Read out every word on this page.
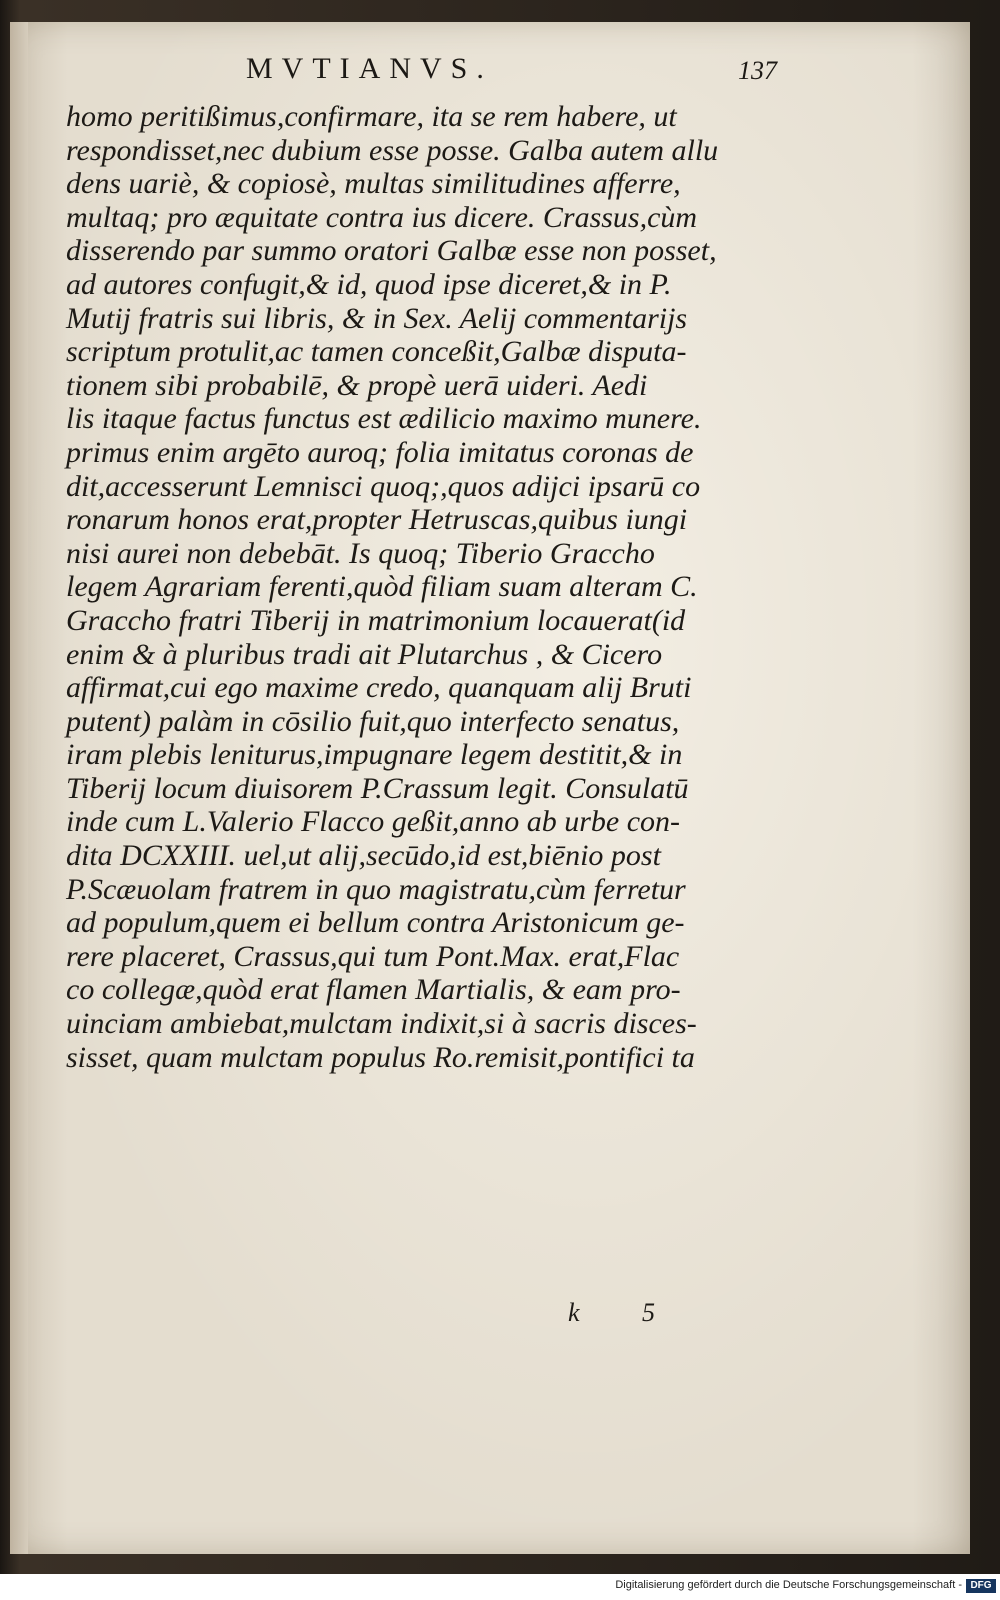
MVTIANVS.	137
homo peritißimus,confirmare, ita se rem habere, ut
respondisset,nec dubium esse posse. Galba autem allu
dens uariè, & copiosè, multas similitudines afferre,
multaq; pro æquitate contra ius dicere. Crassus,cùm
disserendo par summo oratori Galbæ esse non posset,
ad autores confugit,& id, quod ipse diceret,& in P.
Mutij fratris sui libris, & in Sex. Aelij commentarijs
scriptum protulit,ac tamen conceßit,Galbæ disputa-
tionem sibi probabilē, & propè uerā uideri. Aedi
lis itaque factus functus est ædilicio maximo munere.
primus enim argēto auroq; folia imitatus coronas de
dit,accesserunt Lemnisci quoq;,quos adijci ipsarū co
ronarum honos erat,propter Hetruscas,quibus iungi
nisi aurei non debebāt. Is quoq; Tiberio Graccho
legem Agrariam ferenti,quòd filiam suam alteram C.
Graccho fratri Tiberij in matrimonium locauerat(id
enim & à pluribus tradi ait Plutarchus , & Cicero
affirmat,cui ego maxime credo, quanquam alij Bruti
putent) palàm in cōsilio fuit,quo interfecto senatus,
iram plebis leniturus,impugnare legem destitit,& in
Tiberij locum diuisorem P.Crassum legit. Consulatū
inde cum L.Valerio Flacco geßit,anno ab urbe con-
dita DCXXIII. uel,ut alij,secūdo,id est,biēnio post
P.Scæuolam fratrem in quo magistratu,cùm ferretur
ad populum,quem ei bellum contra Aristonicum ge-
rere placeret, Crassus,qui tum Pont.Max. erat,Flac
co collegæ,quòd erat flamen Martialis, & eam pro-
uinciam ambiebat,mulctam indixit,si à sacris disces-
sisset, quam mulctam populus Ro.remisit,pontifici ta
k 5
Digitalisierung gefördert durch die Deutsche Forschungsgemeinschaft - DFG
